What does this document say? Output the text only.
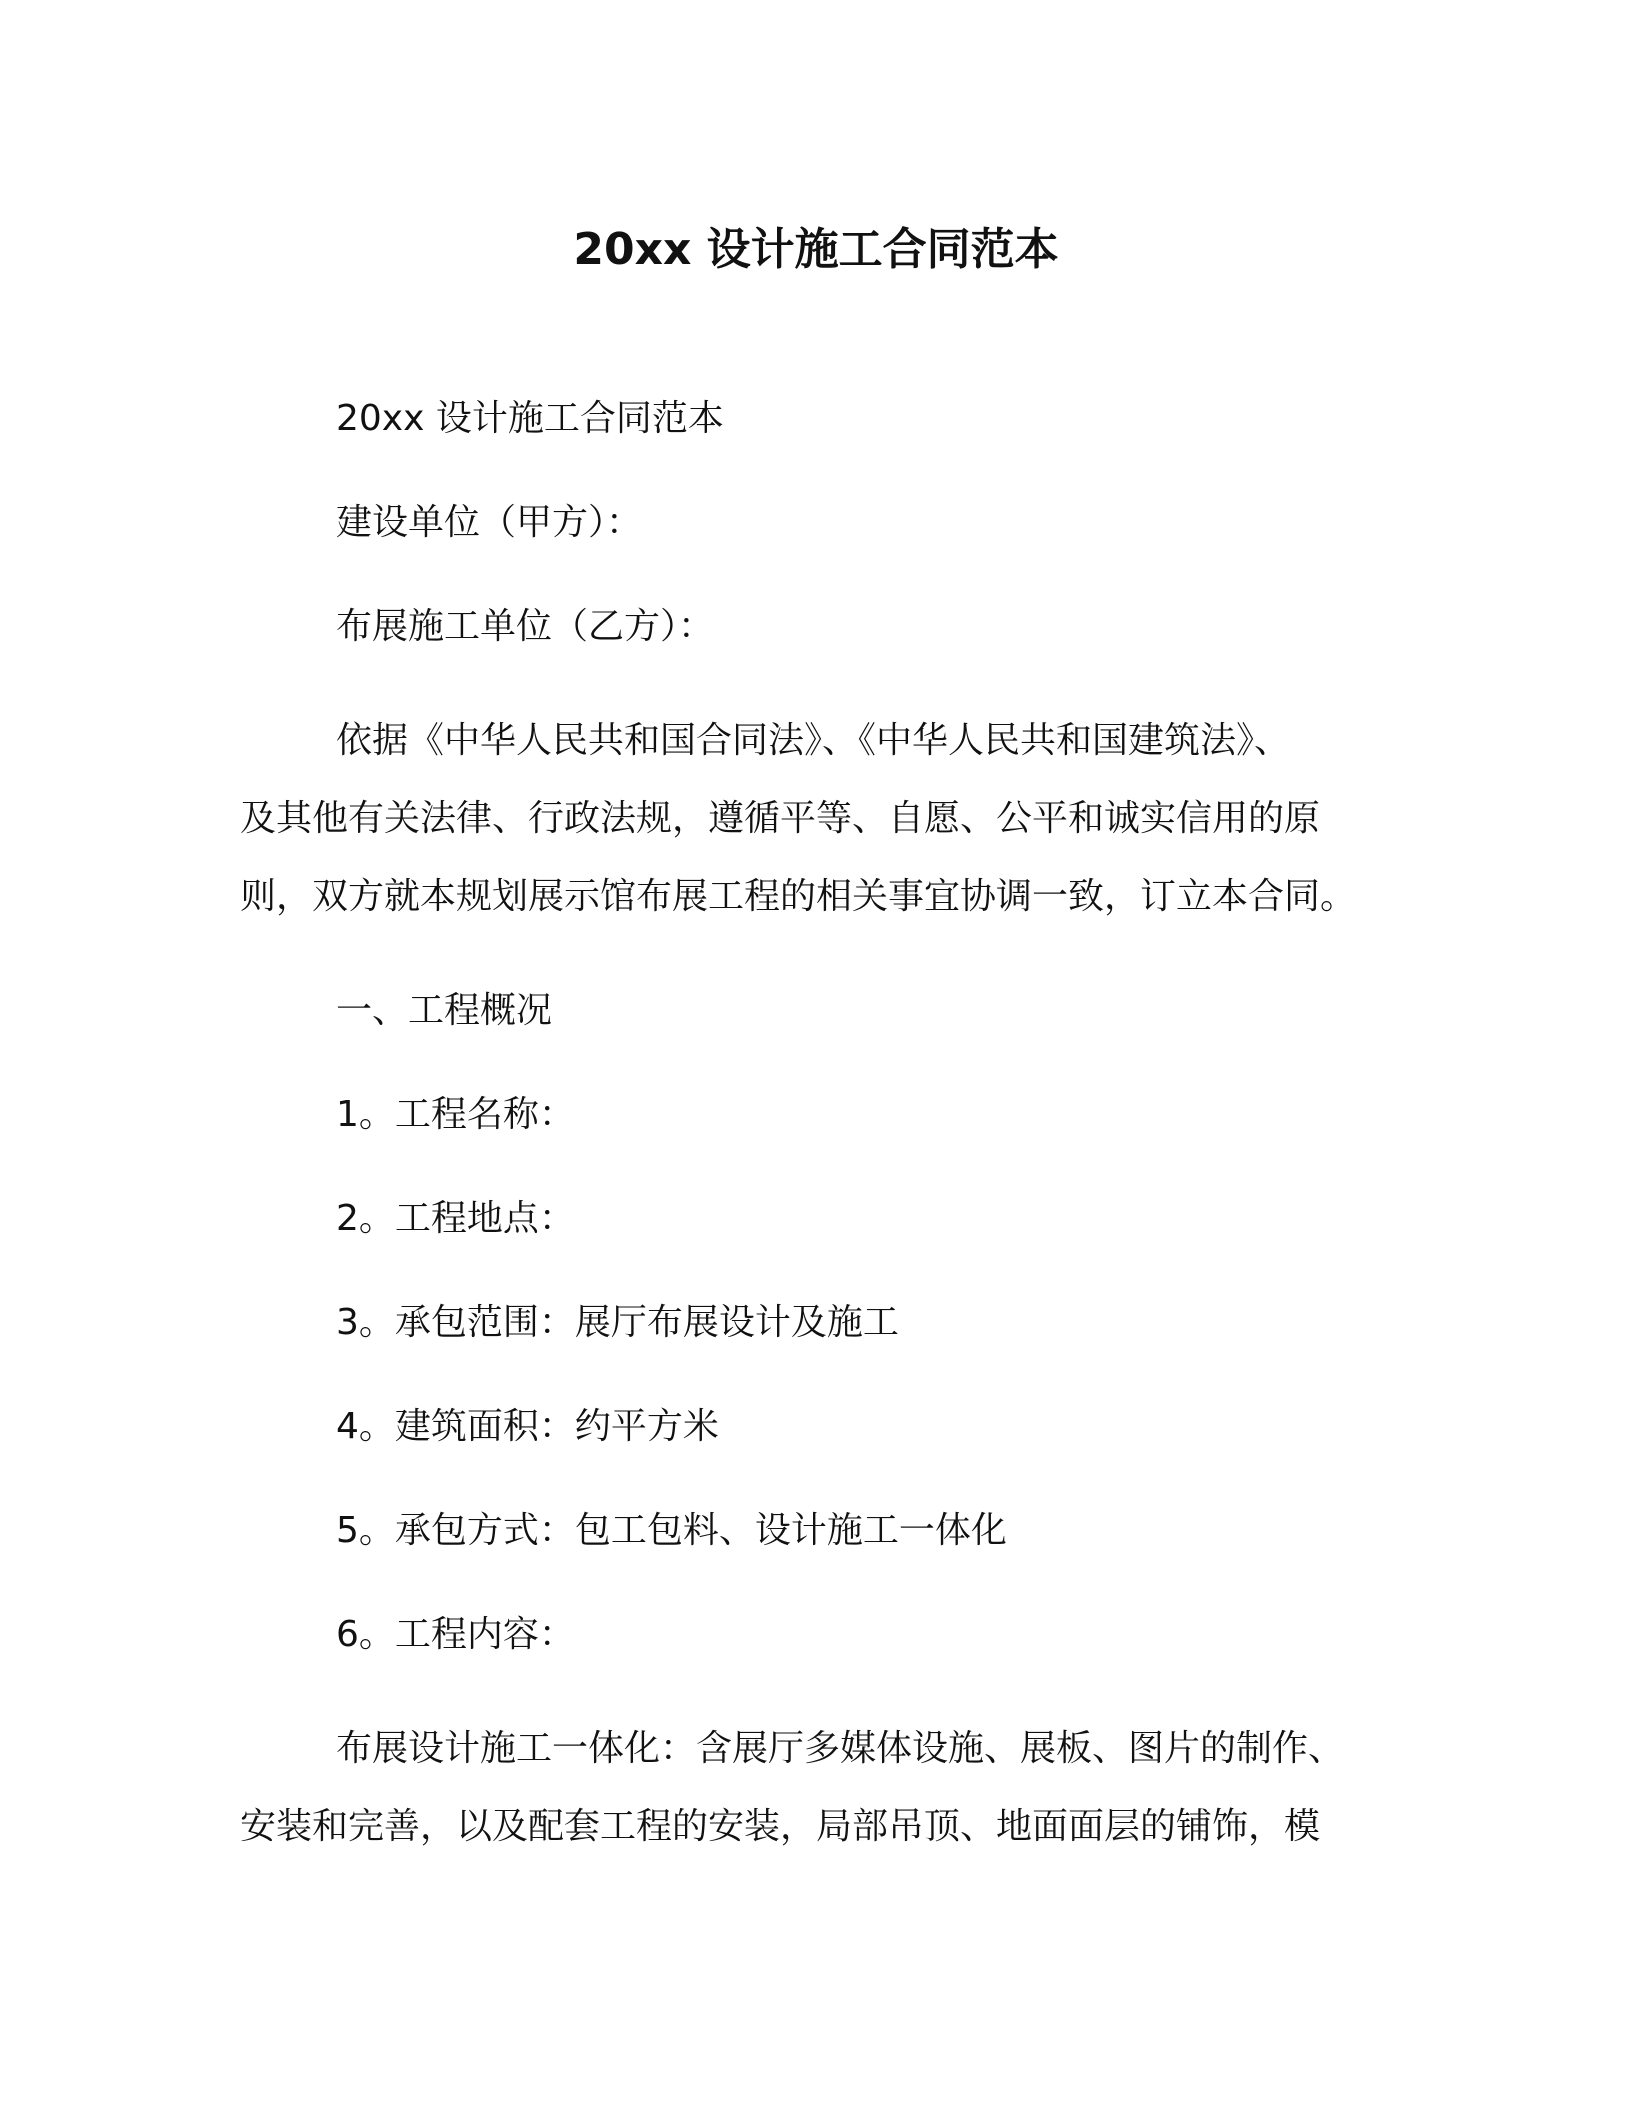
20xx 设计施工合同范本

20xx 设计施工合同范本

建设单位（甲方）：

布展施工单位（乙方）：

依据《中华人民共和国合同法》、《中华人民共和国建筑法》、
及其他有关法律、行政法规，遵循平等、自愿、公平和诚实信用的原
则，双方就本规划展示馆布展工程的相关事宜协调一致，订立本合同。

一、工程概况

1。工程名称：

2。工程地点：

3。承包范围：展厅布展设计及施工

4。建筑面积：约平方米

5。承包方式：包工包料、设计施工一体化

6。工程内容：

布展设计施工一体化：含展厅多媒体设施、展板、图片的制作、
安装和完善，以及配套工程的安装，局部吊顶、地面面层的铺饰，模
